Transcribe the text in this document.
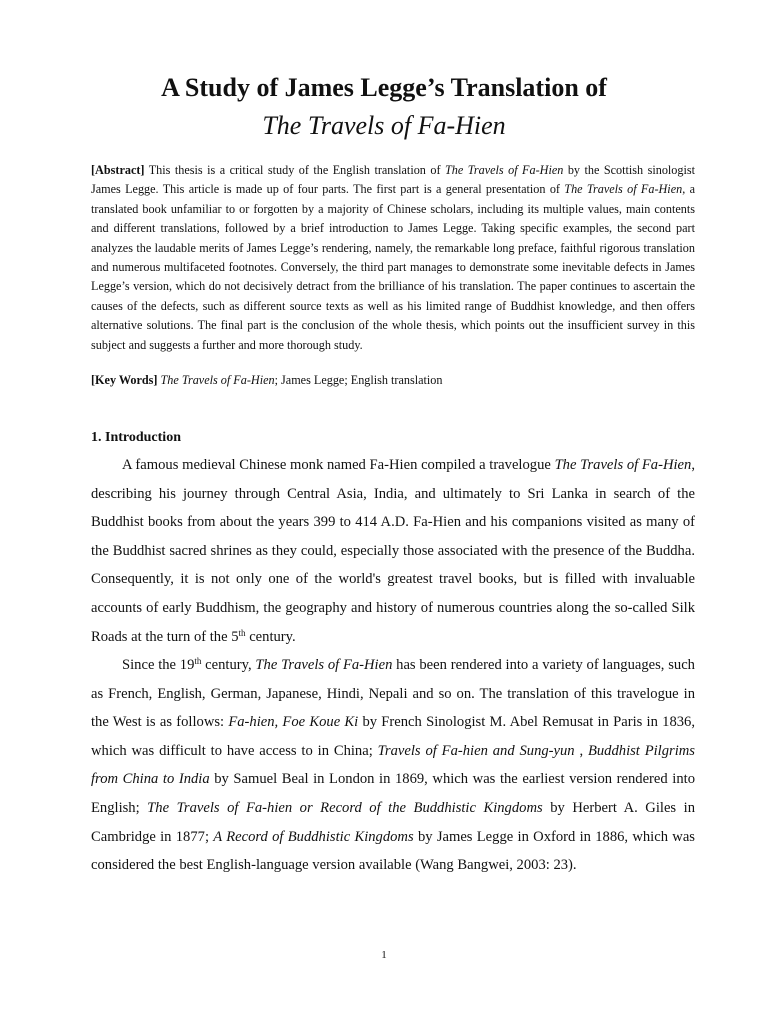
A Study of James Legge’s Translation of
The Travels of Fa-Hien

[Abstract] This thesis is a critical study of the English translation of The Travels of Fa-Hien by the Scottish sinologist James Legge. This article is made up of four parts. The first part is a general presentation of The Travels of Fa-Hien, a translated book unfamiliar to or forgotten by a majority of Chinese scholars, including its multiple values, main contents and different translations, followed by a brief introduction to James Legge. Taking specific examples, the second part analyzes the laudable merits of James Legge’s rendering, namely, the remarkable long preface, faithful rigorous translation and numerous multifaceted footnotes. Conversely, the third part manages to demonstrate some inevitable defects in James Legge’s version, which do not decisively detract from the brilliance of his translation. The paper continues to ascertain the causes of the defects, such as different source texts as well as his limited range of Buddhist knowledge, and then offers alternative solutions. The final part is the conclusion of the whole thesis, which points out the insufficient survey in this subject and suggests a further and more thorough study.

[Key Words] The Travels of Fa-Hien; James Legge; English translation

1. Introduction

A famous medieval Chinese monk named Fa-Hien compiled a travelogue The Travels of Fa-Hien, describing his journey through Central Asia, India, and ultimately to Sri Lanka in search of the Buddhist books from about the years 399 to 414 A.D. Fa-Hien and his companions visited as many of the Buddhist sacred shrines as they could, especially those associated with the presence of the Buddha. Consequently, it is not only one of the world's greatest travel books, but is filled with invaluable accounts of early Buddhism, the geography and history of numerous countries along the so-called Silk Roads at the turn of the 5th century.

Since the 19th century, The Travels of Fa-Hien has been rendered into a variety of languages, such as French, English, German, Japanese, Hindi, Nepali and so on. The translation of this travelogue in the West is as follows: Fa-hien, Foe Koue Ki by French Sinologist M. Abel Remusat in Paris in 1836, which was difficult to have access to in China; Travels of Fa-hien and Sung-yun , Buddhist Pilgrims from China to India by Samuel Beal in London in 1869, which was the earliest version rendered into English; The Travels of Fa-hien or Record of the Buddhistic Kingdoms by Herbert A. Giles in Cambridge in 1877; A Record of Buddhistic Kingdoms by James Legge in Oxford in 1886, which was considered the best English-language version available (Wang Bangwei, 2003: 23).

1
